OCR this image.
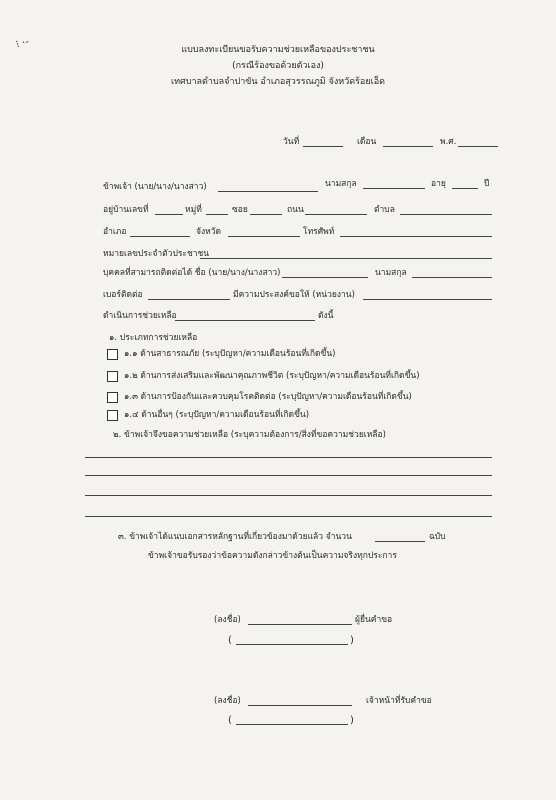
⁝ ·-	แบบลงทะเบียนขอรับความช่วยเหลือของประชาชน
(กรณีร้องขอด้วยตัวเอง)
เทศบาลตำบลจำปาขัน อำเภอสุวรรณภูมิ จังหวัดร้อยเอ็ด
วันที่	เดือน	พ.ศ.
ข้าพเจ้า (นาย/นาง/นางสาว)	นามสกุล	อายุ	ปี
อยู่บ้านเลขที่	หมู่ที่	ซอย	ถนน	ตำบล
อำเภอ	จังหวัด	โทรศัพท์
หมายเลขประจำตัวประชาชน
บุคคลที่สามารถติดต่อได้ ชื่อ (นาย/นาง/นางสาว)	นามสกุล
เบอร์ติดต่อ	มีความประสงค์ขอให้ (หน่วยงาน)
ดำเนินการช่วยเหลือ	ดังนี้
๑. ประเภทการช่วยเหลือ
๑.๑ ด้านสาธารณภัย (ระบุปัญหา/ความเดือนร้อนที่เกิดขึ้น)
๑.๒ ด้านการส่งเสริมและพัฒนาคุณภาพชีวิต (ระบุปัญหา/ความเดือนร้อนที่เกิดขึ้น)
๑.๓ ด้านการป้องกันและควบคุมโรคติดต่อ (ระบุปัญหา/ความเดือนร้อนที่เกิดขึ้น)
๑.๔ ด้านอื่นๆ (ระบุปัญหา/ความเดือนร้อนที่เกิดขึ้น)
๒. ข้าพเจ้าจึงขอความช่วยเหลือ (ระบุความต้องการ/สิ่งที่ขอความช่วยเหลือ)
๓. ข้าพเจ้าได้แนบเอกสารหลักฐานที่เกี่ยวข้องมาด้วยแล้ว จำนวน	ฉบับ
ข้าพเจ้าขอรับรองว่าข้อความดังกล่าวข้างต้นเป็นความจริงทุกประการ
(ลงชื่อ)	ผู้ยื่นคำขอ
(	)
(ลงชื่อ)	เจ้าหน้าที่รับคำขอ
(	)
